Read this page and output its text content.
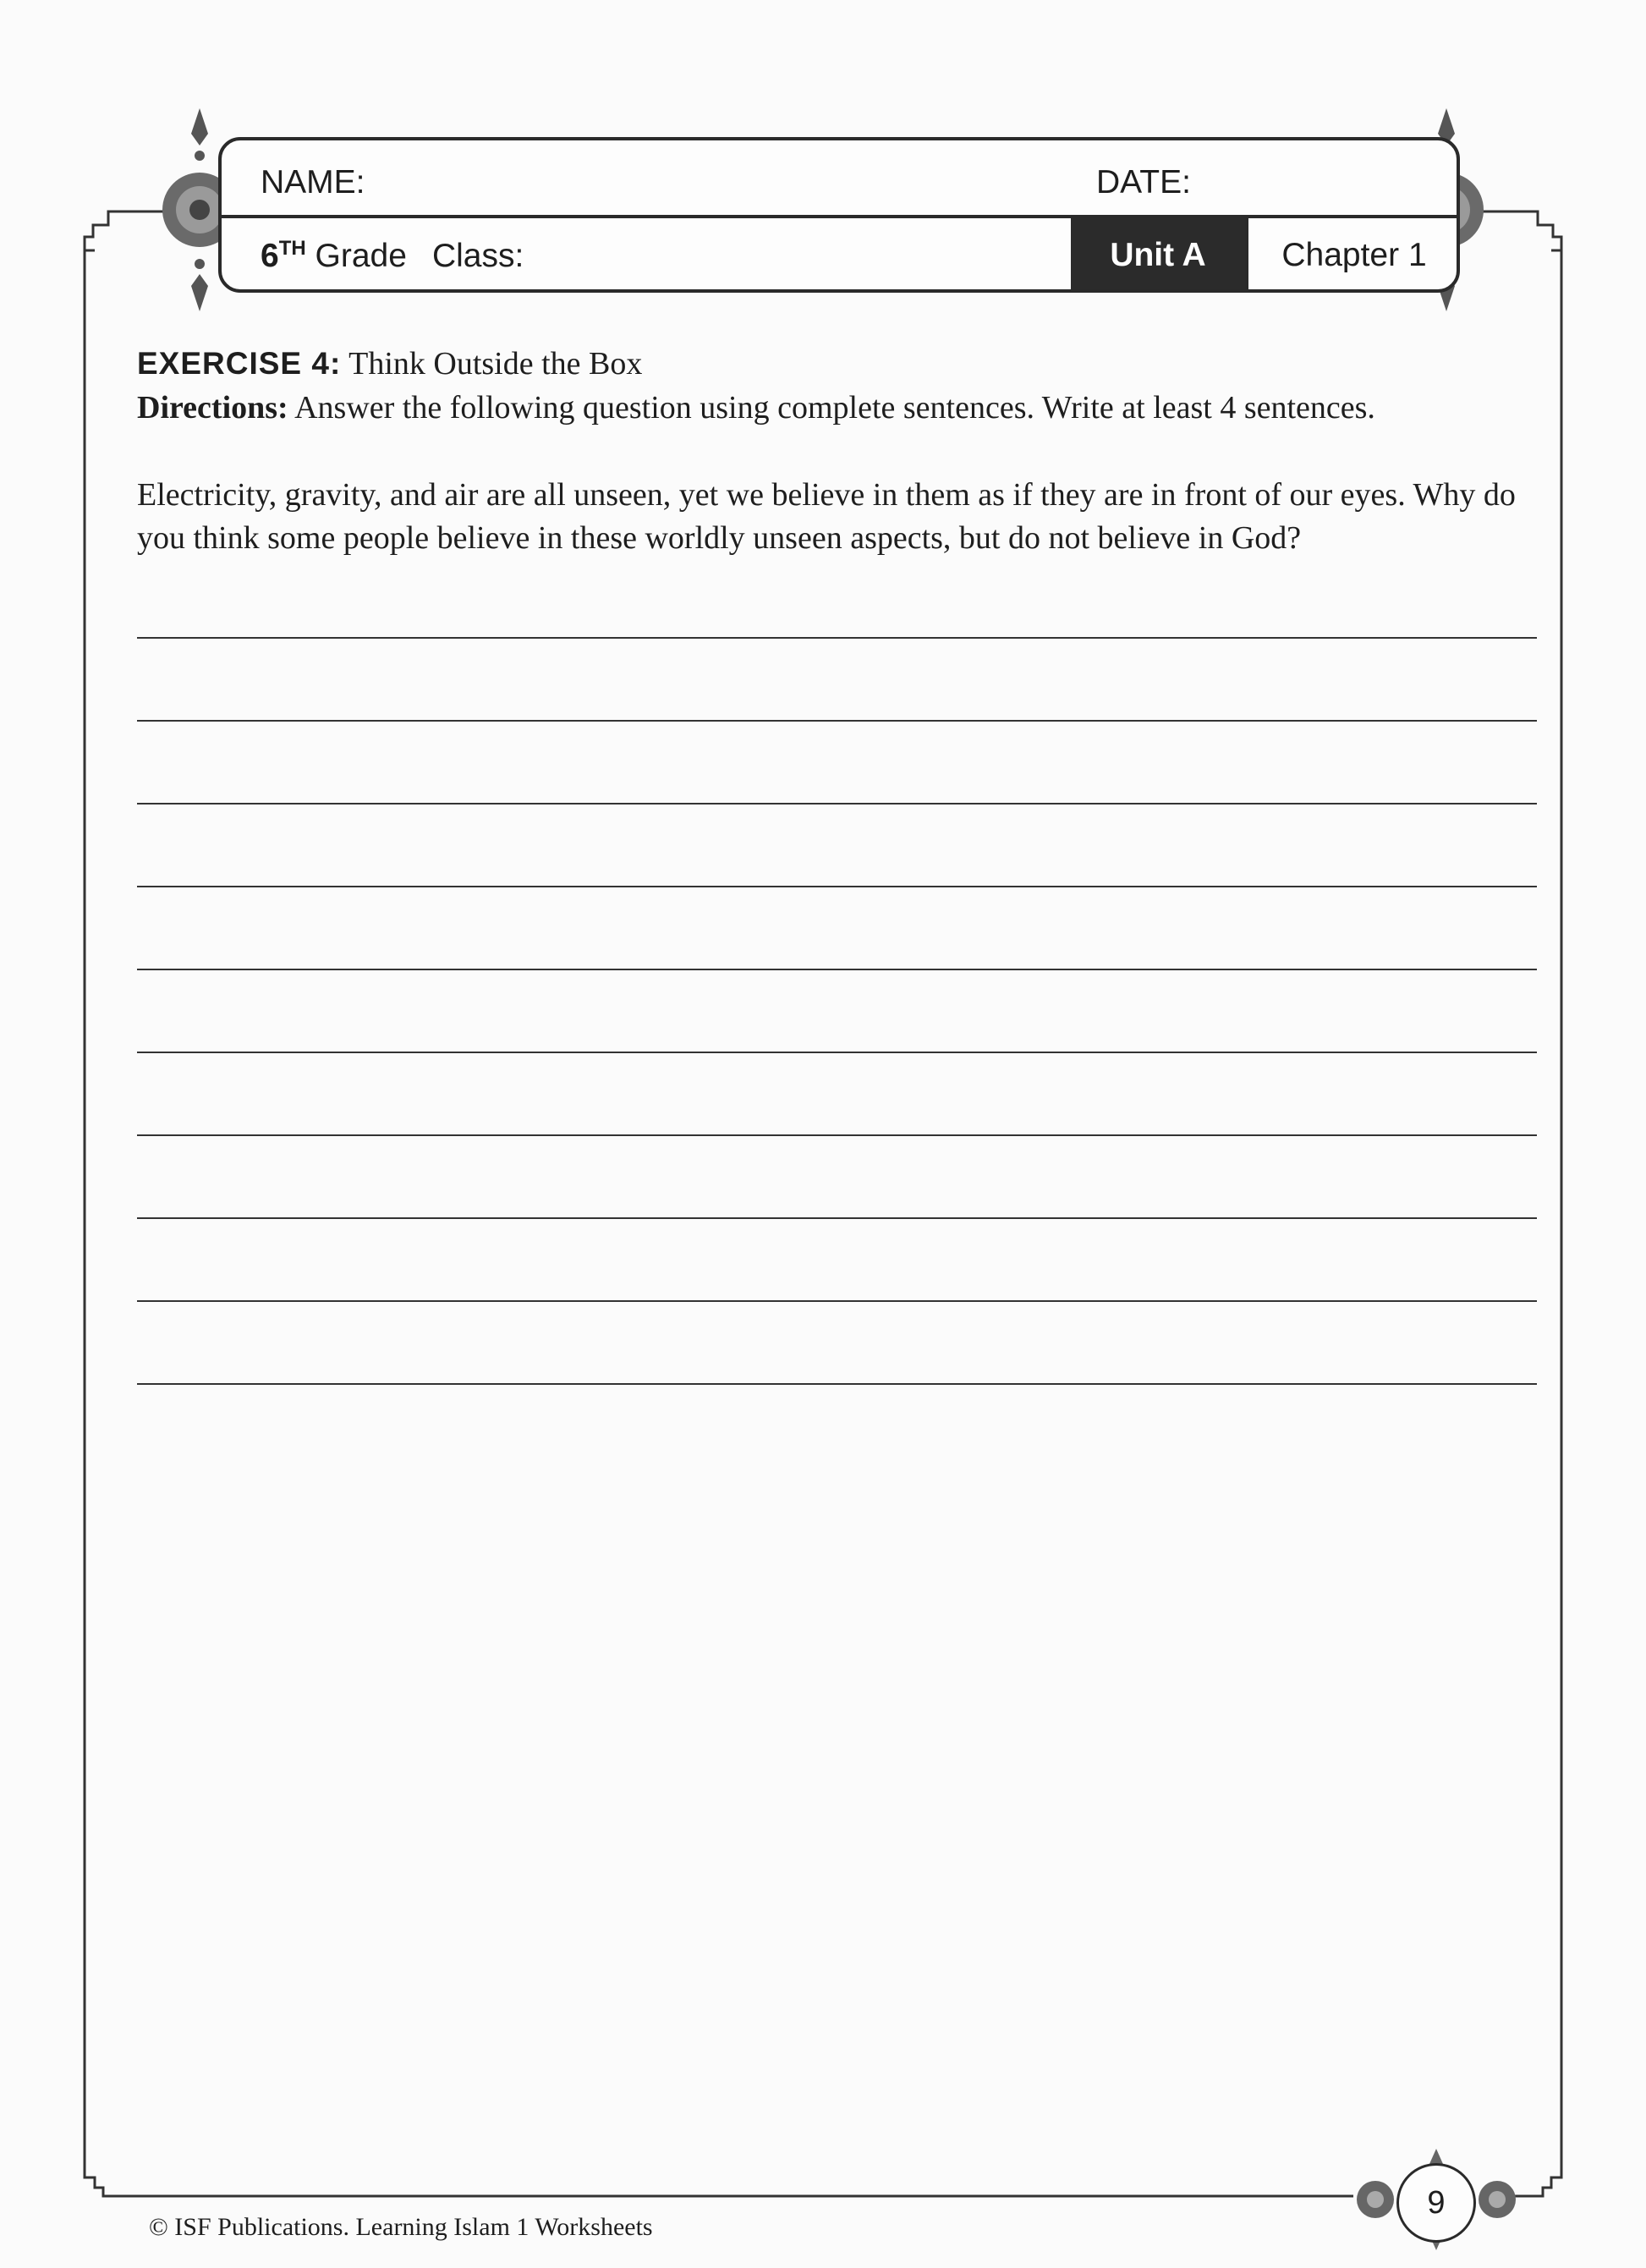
NAME:	DATE:
6TH Grade Class:	Unit A	Chapter 1
EXERCISE 4: Think Outside the Box
Directions: Answer the following question using complete sentences. Write at least 4 sentences.
Electricity, gravity, and air are all unseen, yet we believe in them as if they are in front of our eyes. Why do you think some people believe in these worldly unseen aspects, but do not believe in God?
© ISF Publications. Learning Islam 1 Worksheets
9
